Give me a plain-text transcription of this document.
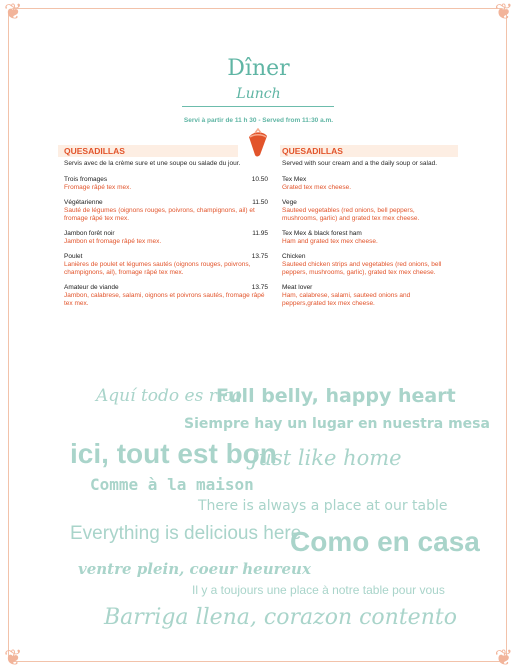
❦	❦
❦	❦
Dîner
Lunch
Servi à partir de 11 h 30 - Served from 11:30 a.m.
QUESADILLAS	QUESADILLAS
Servis avec de la crème sure et une soupe ou salade du jour.
Trois fromages	10.50
Fromage râpé tex mex.
Végétarienne	11.50
Sauté de légumes (oignons rouges, poivrons, champignons, ail) et fromage râpé tex mex.
Jambon forêt noir	11.95
Jambon et fromage râpé tex mex.
Poulet	13.75
Lanières de poulet et légumes sautés (oignons rouges, poivrons, champignons, ail), fromage râpé tex mex.
Amateur de viande	13.75
Jambon, calabrese, salami, oignons et poivrons sautés, fromage râpé tex mex.
Served with sour cream and a the daily soup or salad.
Tex Mex
Grated tex mex cheese.
Vege
Sauteed vegetables (red onions, bell peppers, mushrooms, garlic) and grated tex mex cheese.
Tex Mex & black forest ham
Ham and grated tex mex cheese.
Chicken
Sauteed chicken strips and vegetables (red onions, bell peppers, mushrooms, garlic), grated tex mex cheese.
Meat lover
Ham, calabrese, salami, sauteed onions and peppers,grated tex mex cheese.
Aquí todo es rico
Full belly, happy heart
Siempre hay un lugar en nuestra mesa
ici, tout est bon
Just like home
Comme à la maison
There is always a place at our table
Everything is delicious here
Como en casa
ventre plein, coeur heureux
Il y a toujours une place à notre table pour vous
Barriga llena, corazon contento
